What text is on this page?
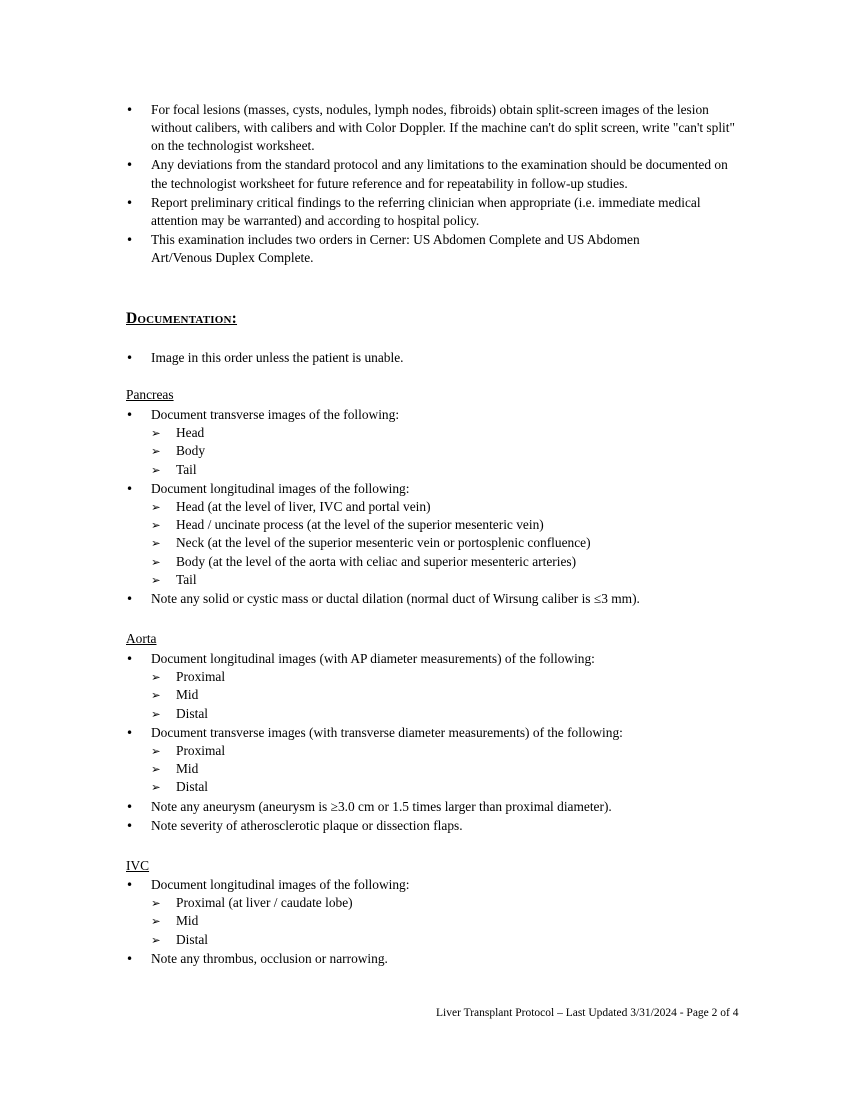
• For focal lesions (masses, cysts, nodules, lymph nodes, fibroids) obtain split-screen images of the lesion without calibers, with calibers and with Color Doppler. If the machine can't do split screen, write "can't split" on the technologist worksheet.
• Any deviations from the standard protocol and any limitations to the examination should be documented on the technologist worksheet for future reference and for repeatability in follow-up studies.
• Report preliminary critical findings to the referring clinician when appropriate (i.e. immediate medical attention may be warranted) and according to hospital policy.
• This examination includes two orders in Cerner: US Abdomen Complete and US Abdomen Art/Venous Duplex Complete.
Documentation:
• Image in this order unless the patient is unable.
Pancreas
• Document transverse images of the following:
➢ Head
➢ Body
➢ Tail
• Document longitudinal images of the following:
➢ Head (at the level of liver, IVC and portal vein)
➢ Head / uncinate process (at the level of the superior mesenteric vein)
➢ Neck (at the level of the superior mesenteric vein or portosplenic confluence)
➢ Body (at the level of the aorta with celiac and superior mesenteric arteries)
➢ Tail
• Note any solid or cystic mass or ductal dilation (normal duct of Wirsung caliber is ≤3 mm).
Aorta
• Document longitudinal images (with AP diameter measurements) of the following:
➢ Proximal
➢ Mid
➢ Distal
• Document transverse images (with transverse diameter measurements) of the following:
➢ Proximal
➢ Mid
➢ Distal
• Note any aneurysm (aneurysm is ≥3.0 cm or 1.5 times larger than proximal diameter).
• Note severity of atherosclerotic plaque or dissection flaps.
IVC
• Document longitudinal images of the following:
➢ Proximal (at liver / caudate lobe)
➢ Mid
➢ Distal
• Note any thrombus, occlusion or narrowing.
Liver Transplant Protocol – Last Updated 3/31/2024 - Page 2 of 4
